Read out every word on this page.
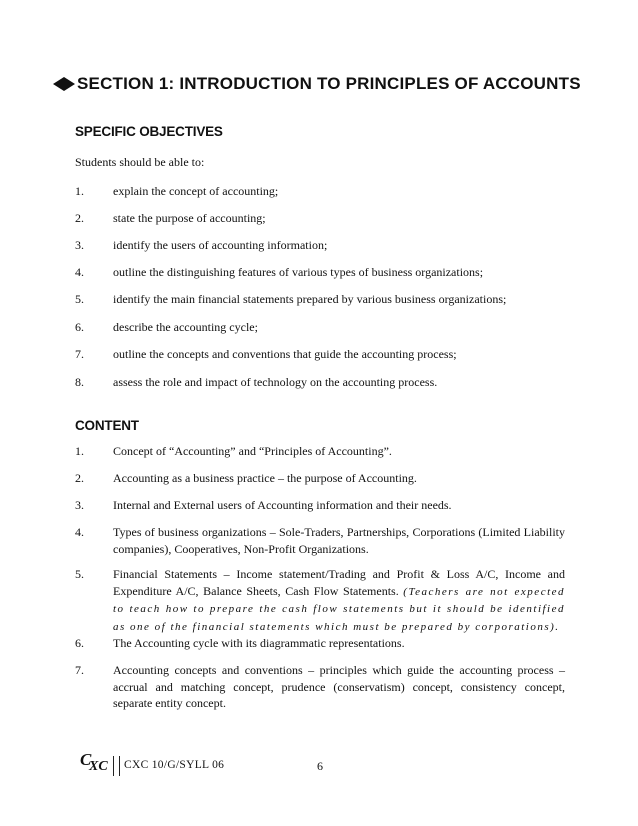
SECTION 1: INTRODUCTION TO PRINCIPLES OF ACCOUNTS
SPECIFIC OBJECTIVES
Students should be able to:
1. explain the concept of accounting;
2. state the purpose of accounting;
3. identify the users of accounting information;
4. outline the distinguishing features of various types of business organizations;
5. identify the main financial statements prepared by various business organizations;
6. describe the accounting cycle;
7. outline the concepts and conventions that guide the accounting process;
8. assess the role and impact of technology on the accounting process.
CONTENT
1. Concept of “Accounting” and “Principles of Accounting”.
2. Accounting as a business practice – the purpose of Accounting.
3. Internal and External users of Accounting information and their needs.
4. Types of business organizations – Sole-Traders, Partnerships, Corporations (Limited Liability companies), Cooperatives, Non-Profit Organizations.
5. Financial Statements – Income statement/Trading and Profit & Loss A/C, Income and Expenditure A/C, Balance Sheets, Cash Flow Statements. (Teachers are not expected to teach how to prepare the cash flow statements but it should be identified as one of the financial statements which must be prepared by corporations).
6. The Accounting cycle with its diagrammatic representations.
7. Accounting concepts and conventions – principles which guide the accounting process – accrual and matching concept, prudence (conservatism) concept, consistency concept, separate entity concept.
C
XC CXC 10/G/SYLL 06	6
